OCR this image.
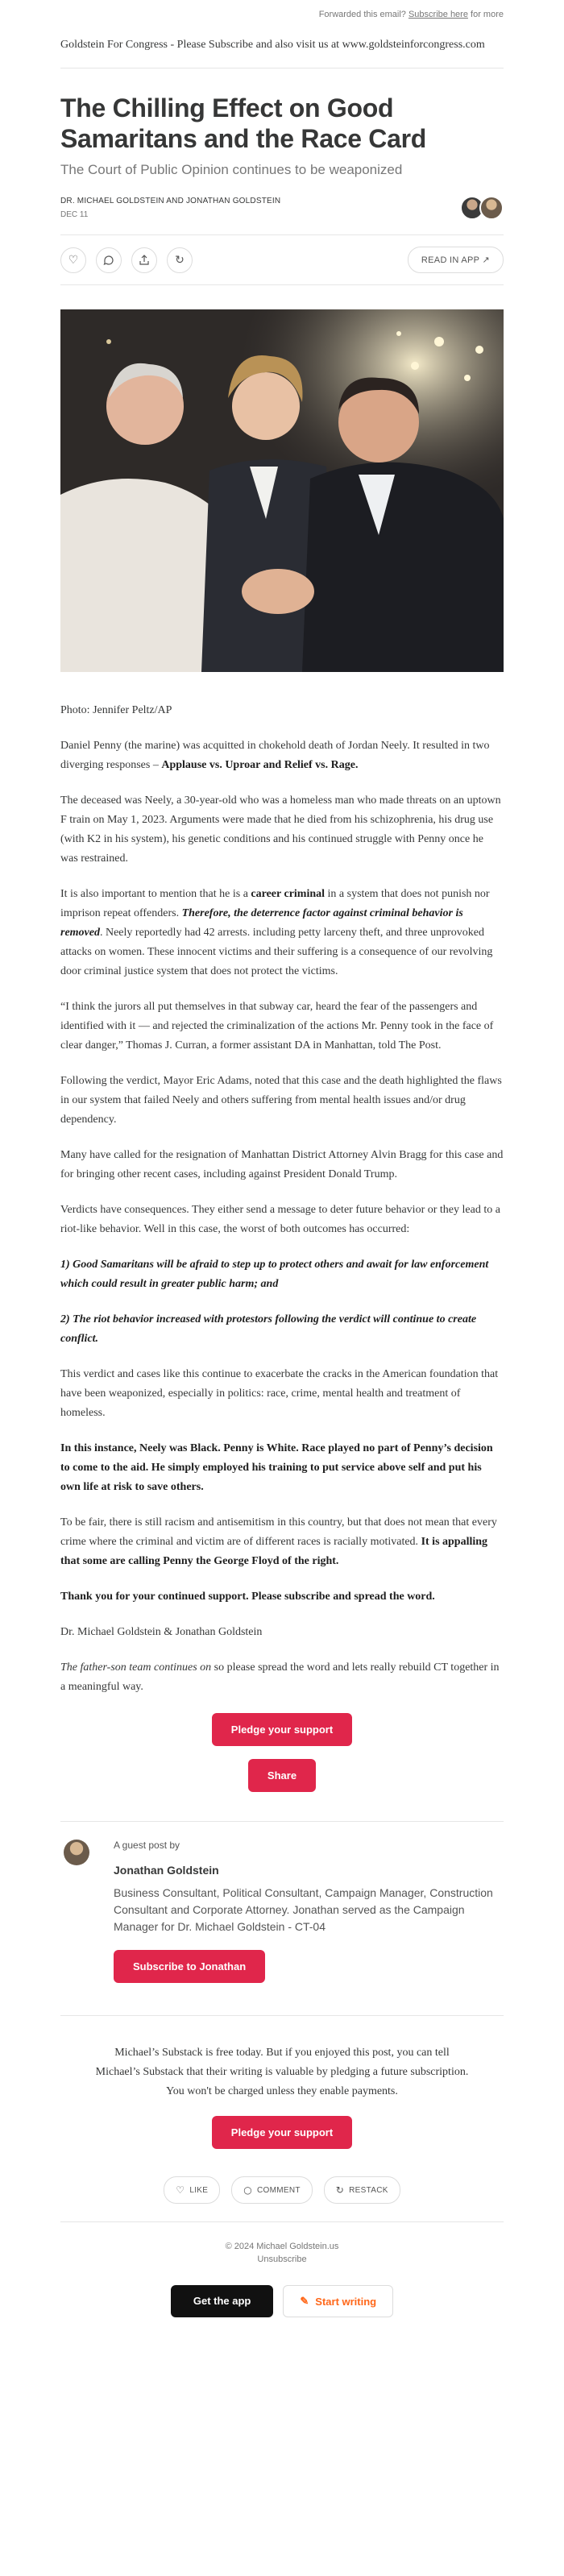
Forwarded this email? Subscribe here for more
Goldstein For Congress - Please Subscribe and also visit us at www.goldsteinforcongress.com
The Chilling Effect on Good Samaritans and the Race Card
The Court of Public Opinion continues to be weaponized
DR. MICHAEL GOLDSTEIN AND JONATHAN GOLDSTEIN
DEC 11
♡	↻	READ IN APP ↗
Photo: Jennifer Peltz/AP

Daniel Penny (the marine) was acquitted in chokehold death of Jordan Neely. It resulted in two diverging responses – Applause vs. Uproar and Relief vs. Rage.

The deceased was Neely, a 30-year-old who was a homeless man who made threats on an uptown F train on May 1, 2023. Arguments were made that he died from his schizophrenia, his drug use (with K2 in his system), his genetic conditions and his continued struggle with Penny once he was restrained.

It is also important to mention that he is a career criminal in a system that does not punish nor imprison repeat offenders. Therefore, the deterrence factor against criminal behavior is removed. Neely reportedly had 42 arrests. including petty larceny theft, and three unprovoked attacks on women. These innocent victims and their suffering is a consequence of our revolving door criminal justice system that does not protect the victims.

“I think the jurors all put themselves in that subway car, heard the fear of the passengers and identified with it — and rejected the criminalization of the actions Mr. Penny took in the face of clear danger,” Thomas J. Curran, a former assistant DA in Manhattan, told The Post.

Following the verdict, Mayor Eric Adams, noted that this case and the death highlighted the flaws in our system that failed Neely and others suffering from mental health issues and/or drug dependency.

Many have called for the resignation of Manhattan District Attorney Alvin Bragg for this case and for bringing other recent cases, including against President Donald Trump.

Verdicts have consequences. They either send a message to deter future behavior or they lead to a riot-like behavior. Well in this case, the worst of both outcomes has occurred:

1) Good Samaritans will be afraid to step up to protect others and await for law enforcement which could result in greater public harm; and

2) The riot behavior increased with protestors following the verdict will continue to create conflict.

This verdict and cases like this continue to exacerbate the cracks in the American foundation that have been weaponized, especially in politics: race, crime, mental health and treatment of homeless.

In this instance, Neely was Black. Penny is White. Race played no part of Penny’s decision to come to the aid. He simply employed his training to put service above self and put his own life at risk to save others.

To be fair, there is still racism and antisemitism in this country, but that does not mean that every crime where the criminal and victim are of different races is racially motivated. It is appalling that some are calling Penny the George Floyd of the right.

Thank you for your continued support. Please subscribe and spread the word.

Dr. Michael Goldstein & Jonathan Goldstein

The father-son team continues on so please spread the word and lets really rebuild CT together in a meaningful way.

Pledge your support
Share
A guest post by
Jonathan Goldstein
Business Consultant, Political Consultant, Campaign Manager, Construction Consultant and Corporate Attorney. Jonathan served as the Campaign Manager for Dr. Michael Goldstein - CT-04
Subscribe to Jonathan
Michael’s Substack is free today. But if you enjoyed this post, you can tell Michael’s Substack that their writing is valuable by pledging a future subscription. You won't be charged unless they enable payments.
Pledge your support
♡ LIKE	○ COMMENT	↻ RESTACK
© 2024 Michael Goldstein.us
Unsubscribe
Get the app	✎ Start writing
